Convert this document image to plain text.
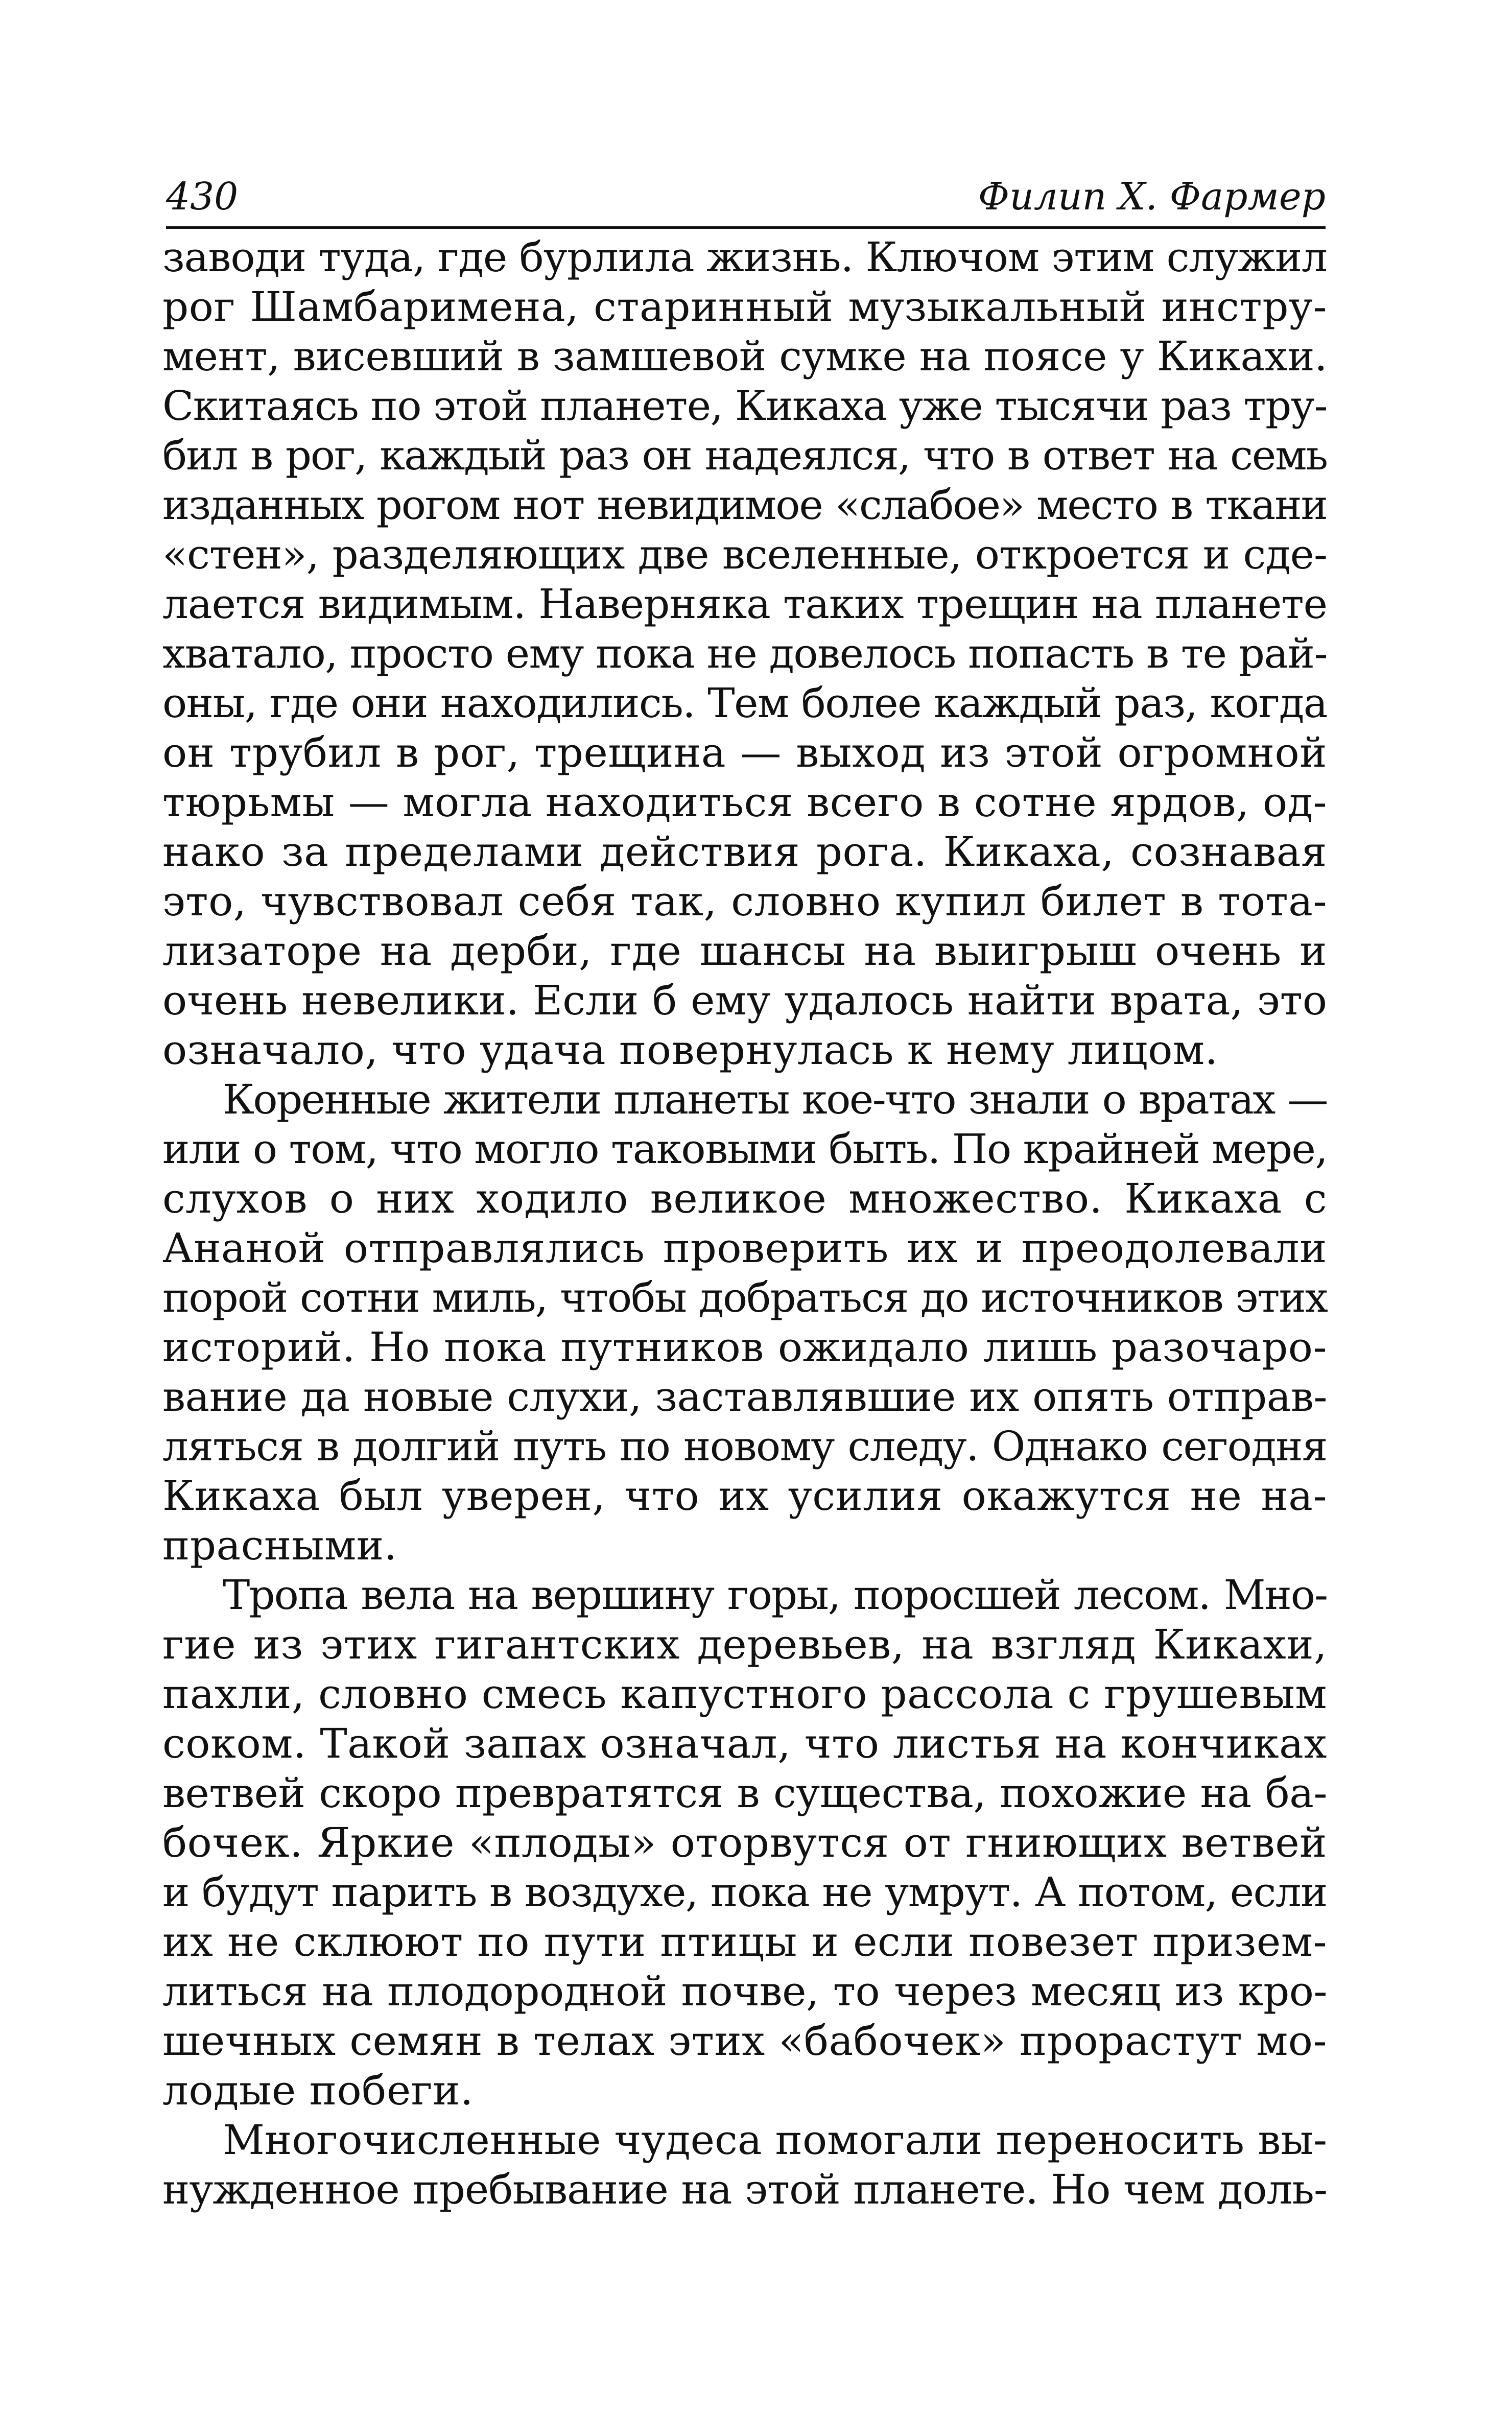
430	Филип Х. Фармер
заводи туда, где бурлила жизнь. Ключом этим служил
рог Шамбаримена, старинный музыкальный инстру-
мент, висевший в замшевой сумке на поясе у Кикахи.
Скитаясь по этой планете, Кикаха уже тысячи раз тру-
бил в рог, каждый раз он надеялся, что в ответ на семь
изданных рогом нот невидимое «слабое» место в ткани
«стен», разделяющих две вселенные, откроется и сде-
лается видимым. Наверняка таких трещин на планете
хватало, просто ему пока не довелось попасть в те рай-
оны, где они находились. Тем более каждый раз, когда
он трубил в рог, трещина — выход из этой огромной
тюрьмы — могла находиться всего в сотне ярдов, од-
нако за пределами действия рога. Кикаха, сознавая
это, чувствовал себя так, словно купил билет в тота-
лизаторе на дерби, где шансы на выигрыш очень и
очень невелики. Если б ему удалось найти врата, это
означало, что удача повернулась к нему лицом.
Коренные жители планеты кое-что знали о вратах —
или о том, что могло таковыми быть. По крайней мере,
слухов о них ходило великое множество. Кикаха с
Ананой отправлялись проверить их и преодолевали
порой сотни миль, чтобы добраться до источников этих
историй. Но пока путников ожидало лишь разочаро-
вание да новые слухи, заставлявшие их опять отправ-
ляться в долгий путь по новому следу. Однако сегодня
Кикаха был уверен, что их усилия окажутся не на-
прасными.
Тропа вела на вершину горы, поросшей лесом. Мно-
гие из этих гигантских деревьев, на взгляд Кикахи,
пахли, словно смесь капустного рассола с грушевым
соком. Такой запах означал, что листья на кончиках
ветвей скоро превратятся в существа, похожие на ба-
бочек. Яркие «плоды» оторвутся от гниющих ветвей
и будут парить в воздухе, пока не умрут. А потом, если
их не склюют по пути птицы и если повезет призем-
литься на плодородной почве, то через месяц из кро-
шечных семян в телах этих «бабочек» прорастут мо-
лодые побеги.
Многочисленные чудеса помогали переносить вы-
нужденное пребывание на этой планете. Но чем доль-
